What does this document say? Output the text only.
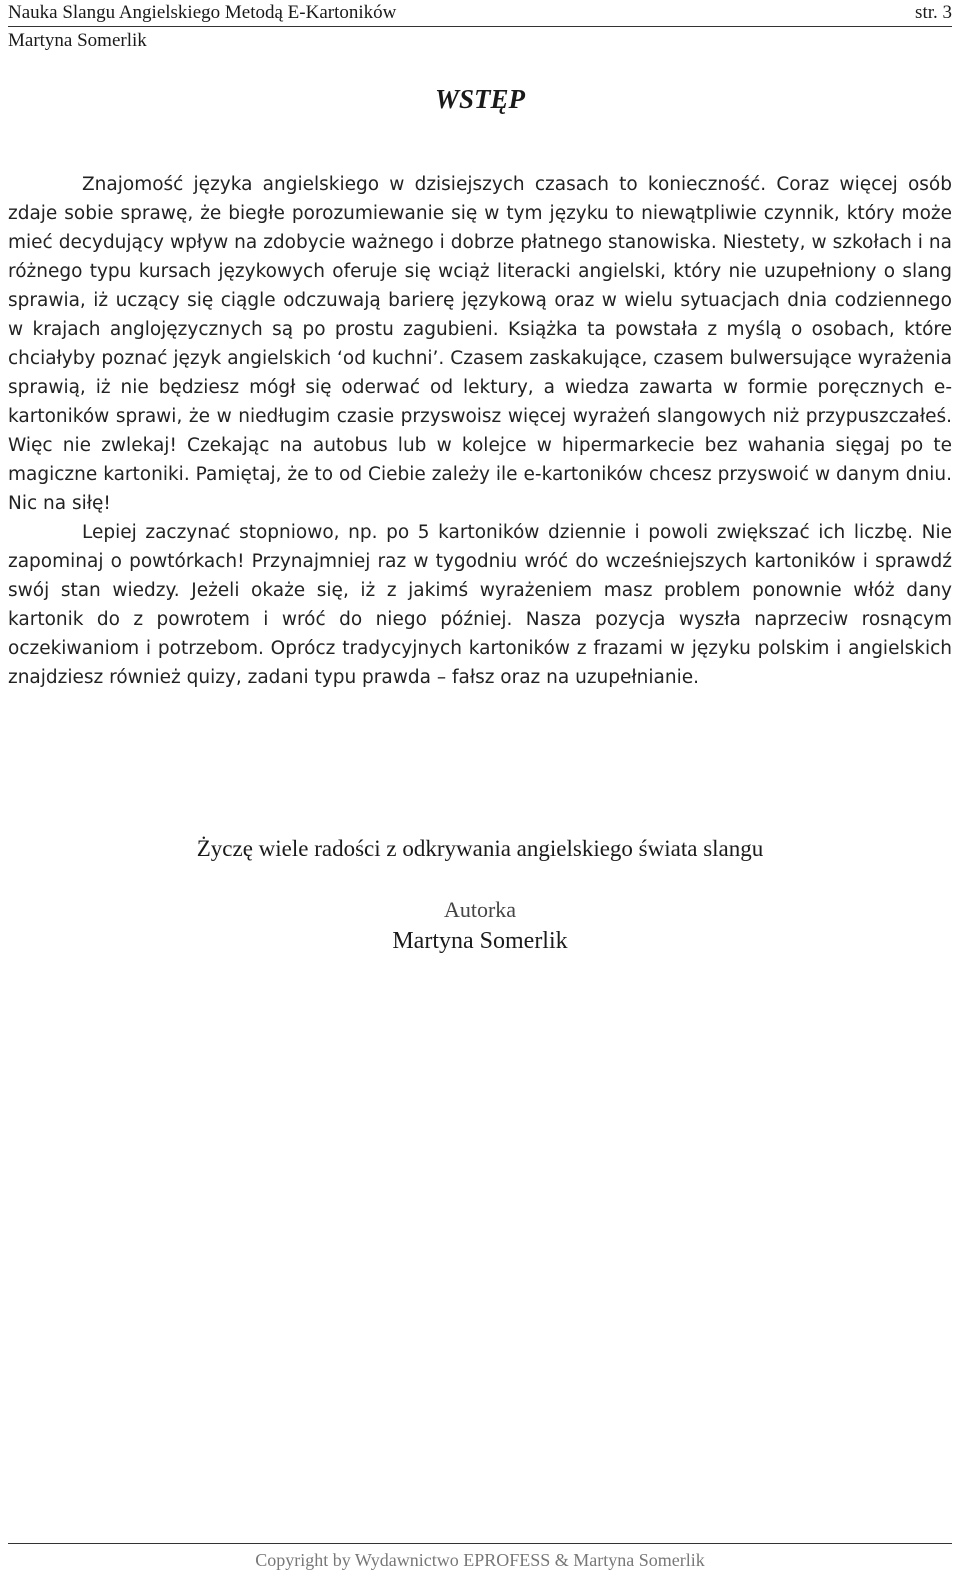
Nauka Slangu Angielskiego Metodą E-Kartoników	str. 3
Martyna Somerlik
WSTĘP

Znajomość języka angielskiego w dzisiejszych czasach to konieczność. Coraz więcej osób zdaje sobie sprawę, że biegłe porozumiewanie się w tym języku to niewątpliwie czynnik, który może mieć decydujący wpływ na zdobycie ważnego i dobrze płatnego stanowiska. Niestety, w szkołach i na różnego typu kursach językowych oferuje się wciąż literacki angielski, który nie uzupełniony o slang sprawia, iż uczący się ciągle odczuwają barierę językową oraz w wielu sytuacjach dnia codziennego w krajach anglojęzycznych są po prostu zagubieni. Książka ta powstała z myślą o osobach, które chciałyby poznać język angielskich ‘od kuchni’. Czasem zaskakujące, czasem bulwersujące wyrażenia sprawią, iż nie będziesz mógł się oderwać od lektury, a wiedza zawarta w formie poręcznych e-kartoników sprawi, że w niedługim czasie przyswoisz więcej wyrażeń slangowych niż przypuszczałeś. Więc nie zwlekaj! Czekając na autobus lub w kolejce w hipermarkecie bez wahania sięgaj po te magiczne kartoniki. Pamiętaj, że to od Ciebie zależy ile e-kartoników chcesz przyswoić w danym dniu. Nic na siłę!

Lepiej zaczynać stopniowo, np. po 5 kartoników dziennie i powoli zwiększać ich liczbę. Nie zapominaj o powtórkach! Przynajmniej raz w tygodniu wróć do wcześniejszych kartoników i sprawdź swój stan wiedzy. Jeżeli okaże się, iż z jakimś wyrażeniem masz problem ponownie włóż dany kartonik do z powrotem i wróć do niego później. Nasza pozycja wyszła naprzeciw rosnącym oczekiwaniom i potrzebom. Oprócz tradycyjnych kartoników z frazami w języku polskim i angielskich znajdziesz również quizy, zadani typu prawda – fałsz oraz na uzupełnianie.

Życzę wiele radości z odkrywania angielskiego świata slangu
Autorka
Martyna Somerlik
Copyright by Wydawnictwo EPROFESS & Martyna Somerlik
